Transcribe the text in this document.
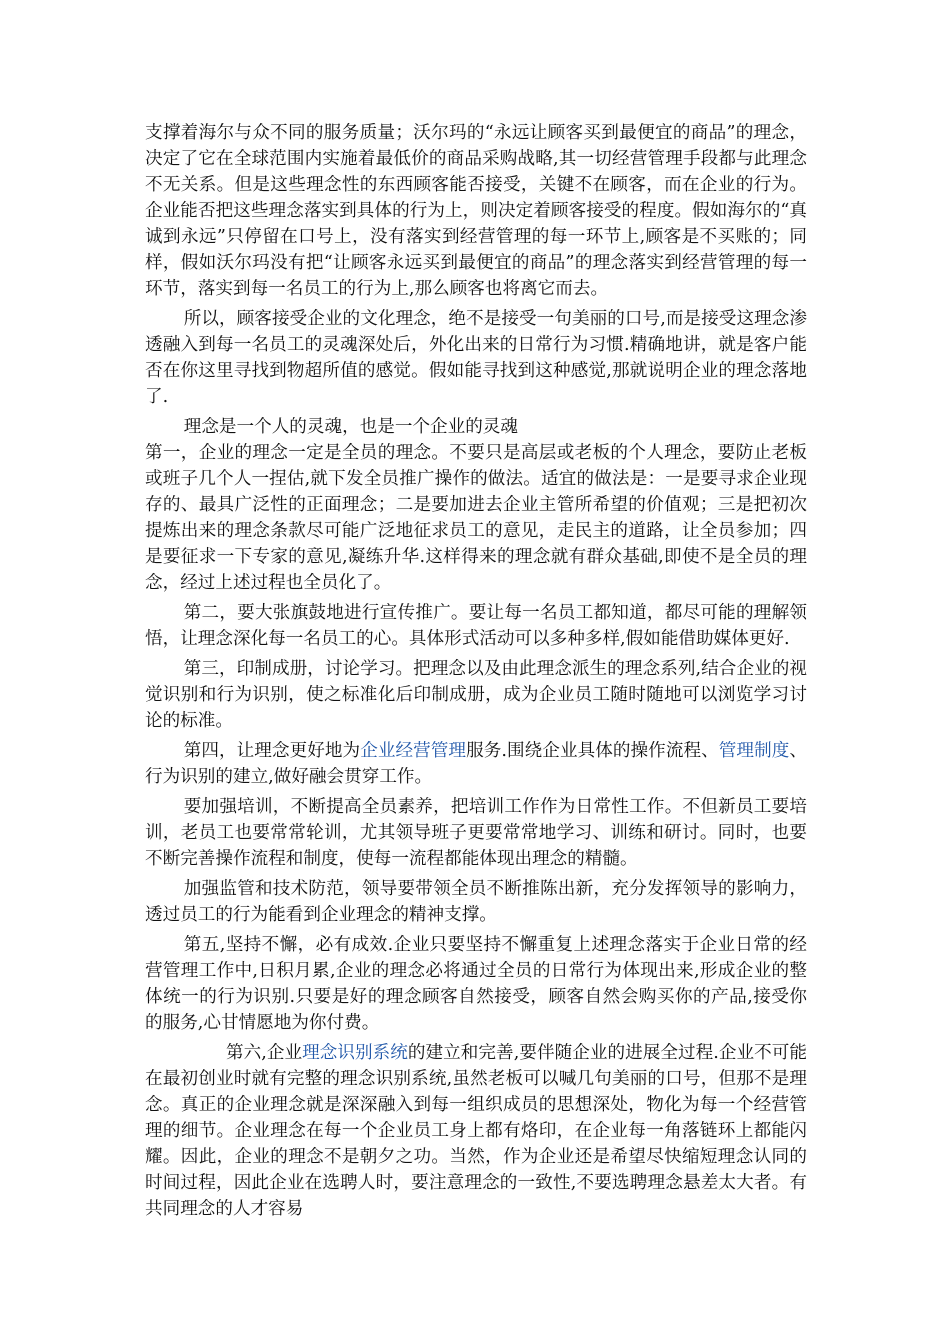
支撑着海尔与众不同的服务质量；沃尔玛的“永远让顾客买到最便宜的商品”的理念，决定了它在全球范围内实施着最低价的商品采购战略,其一切经营管理手段都与此理念不无关系。但是这些理念性的东西顾客能否接受，关键不在顾客，而在企业的行为。企业能否把这些理念落实到具体的行为上，则决定着顾客接受的程度。假如海尔的“真诚到永远”只停留在口号上，没有落实到经营管理的每一环节上,顾客是不买账的；同样，假如沃尔玛没有把“让顾客永远买到最便宜的商品”的理念落实到经营管理的每一环节，落实到每一名员工的行为上,那么顾客也将离它而去。

所以，顾客接受企业的文化理念，绝不是接受一句美丽的口号,而是接受这理念渗透融入到每一名员工的灵魂深处后，外化出来的日常行为习惯.精确地讲，就是客户能否在你这里寻找到物超所值的感觉。假如能寻找到这种感觉,那就说明企业的理念落地了.

理念是一个人的灵魂，也是一个企业的灵魂

第一，企业的理念一定是全员的理念。不要只是高层或老板的个人理念，要防止老板或班子几个人一捏估,就下发全员推广操作的做法。适宜的做法是：一是要寻求企业现存的、最具广泛性的正面理念；二是要加进去企业主管所希望的价值观；三是把初次提炼出来的理念条款尽可能广泛地征求员工的意见，走民主的道路，让全员参加；四是要征求一下专家的意见,凝练升华.这样得来的理念就有群众基础,即使不是全员的理念，经过上述过程也全员化了。

第二，要大张旗鼓地进行宣传推广。要让每一名员工都知道，都尽可能的理解领悟，让理念深化每一名员工的心。具体形式活动可以多种多样,假如能借助媒体更好.

第三，印制成册，讨论学习。把理念以及由此理念派生的理念系列,结合企业的视觉识别和行为识别，使之标准化后印制成册，成为企业员工随时随地可以浏览学习讨论的标准。

第四，让理念更好地为企业经营管理服务.围绕企业具体的操作流程、管理制度、行为识别的建立,做好融会贯穿工作。

要加强培训，不断提高全员素养，把培训工作作为日常性工作。不但新员工要培训，老员工也要常常轮训，尤其领导班子更要常常地学习、训练和研讨。同时，也要不断完善操作流程和制度，使每一流程都能体现出理念的精髓。

加强监管和技术防范，领导要带领全员不断推陈出新，充分发挥领导的影响力，透过员工的行为能看到企业理念的精神支撑。

第五,坚持不懈，必有成效.企业只要坚持不懈重复上述理念落实于企业日常的经营管理工作中,日积月累,企业的理念必将通过全员的日常行为体现出来,形成企业的整体统一的行为识别.只要是好的理念顾客自然接受，顾客自然会购买你的产品,接受你的服务,心甘情愿地为你付费。

第六,企业理念识别系统的建立和完善,要伴随企业的进展全过程.企业不可能在最初创业时就有完整的理念识别系统,虽然老板可以喊几句美丽的口号，但那不是理念。真正的企业理念就是深深融入到每一组织成员的思想深处，物化为每一个经营管理的细节。企业理念在每一个企业员工身上都有烙印，在企业每一角落链环上都能闪耀。因此，企业的理念不是朝夕之功。当然，作为企业还是希望尽快缩短理念认同的时间过程，因此企业在选聘人时，要注意理念的一致性,不要选聘理念悬差太大者。有共同理念的人才容易
